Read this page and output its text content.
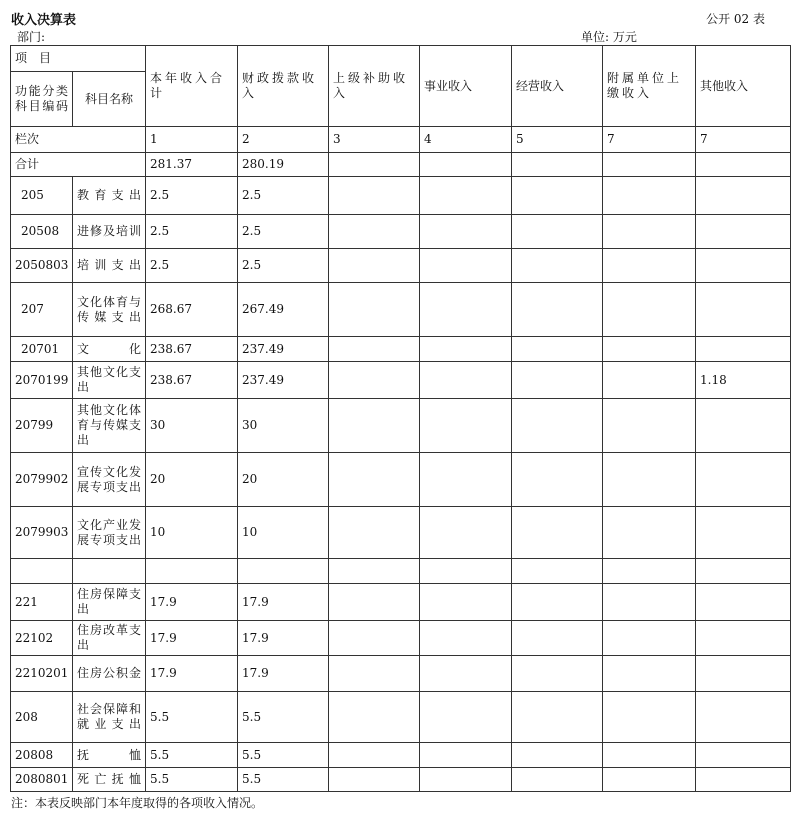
收入决算表	公开 02 表
部门:	单位: 万元
项　目		本年收入合计	财政拨款收入	上级补助收入	事业收入	经营收入	附属单位上缴收入	其他收入
功能分类科目编码	科目名称							
栏次		1	2	3	4	5	7	7
合计		281.37	280.19					
205	教育支出	2.5	2.5					
20508	进修及培训	2.5	2.5					
2050803	培训支出	2.5	2.5					
207	文化体育与传媒支出	268.67	267.49					
20701	文化	238.67	237.49					
2070199	其他文化支出	238.67	237.49					1.18
20799	其他文化体育与传媒支出	30	30					
2079902	宣传文化发展专项支出	20	20					
2079903	文化产业发展专项支出	10	10					

221	住房保障支出	17.9	17.9					
22102	住房改革支出	17.9	17.9					
2210201	住房公积金	17.9	17.9					
208	社会保障和就业支出	5.5	5.5					
20808	抚恤	5.5	5.5					
2080801	死亡抚恤	5.5	5.5					
注：本表反映部门本年度取得的各项收入情况。
